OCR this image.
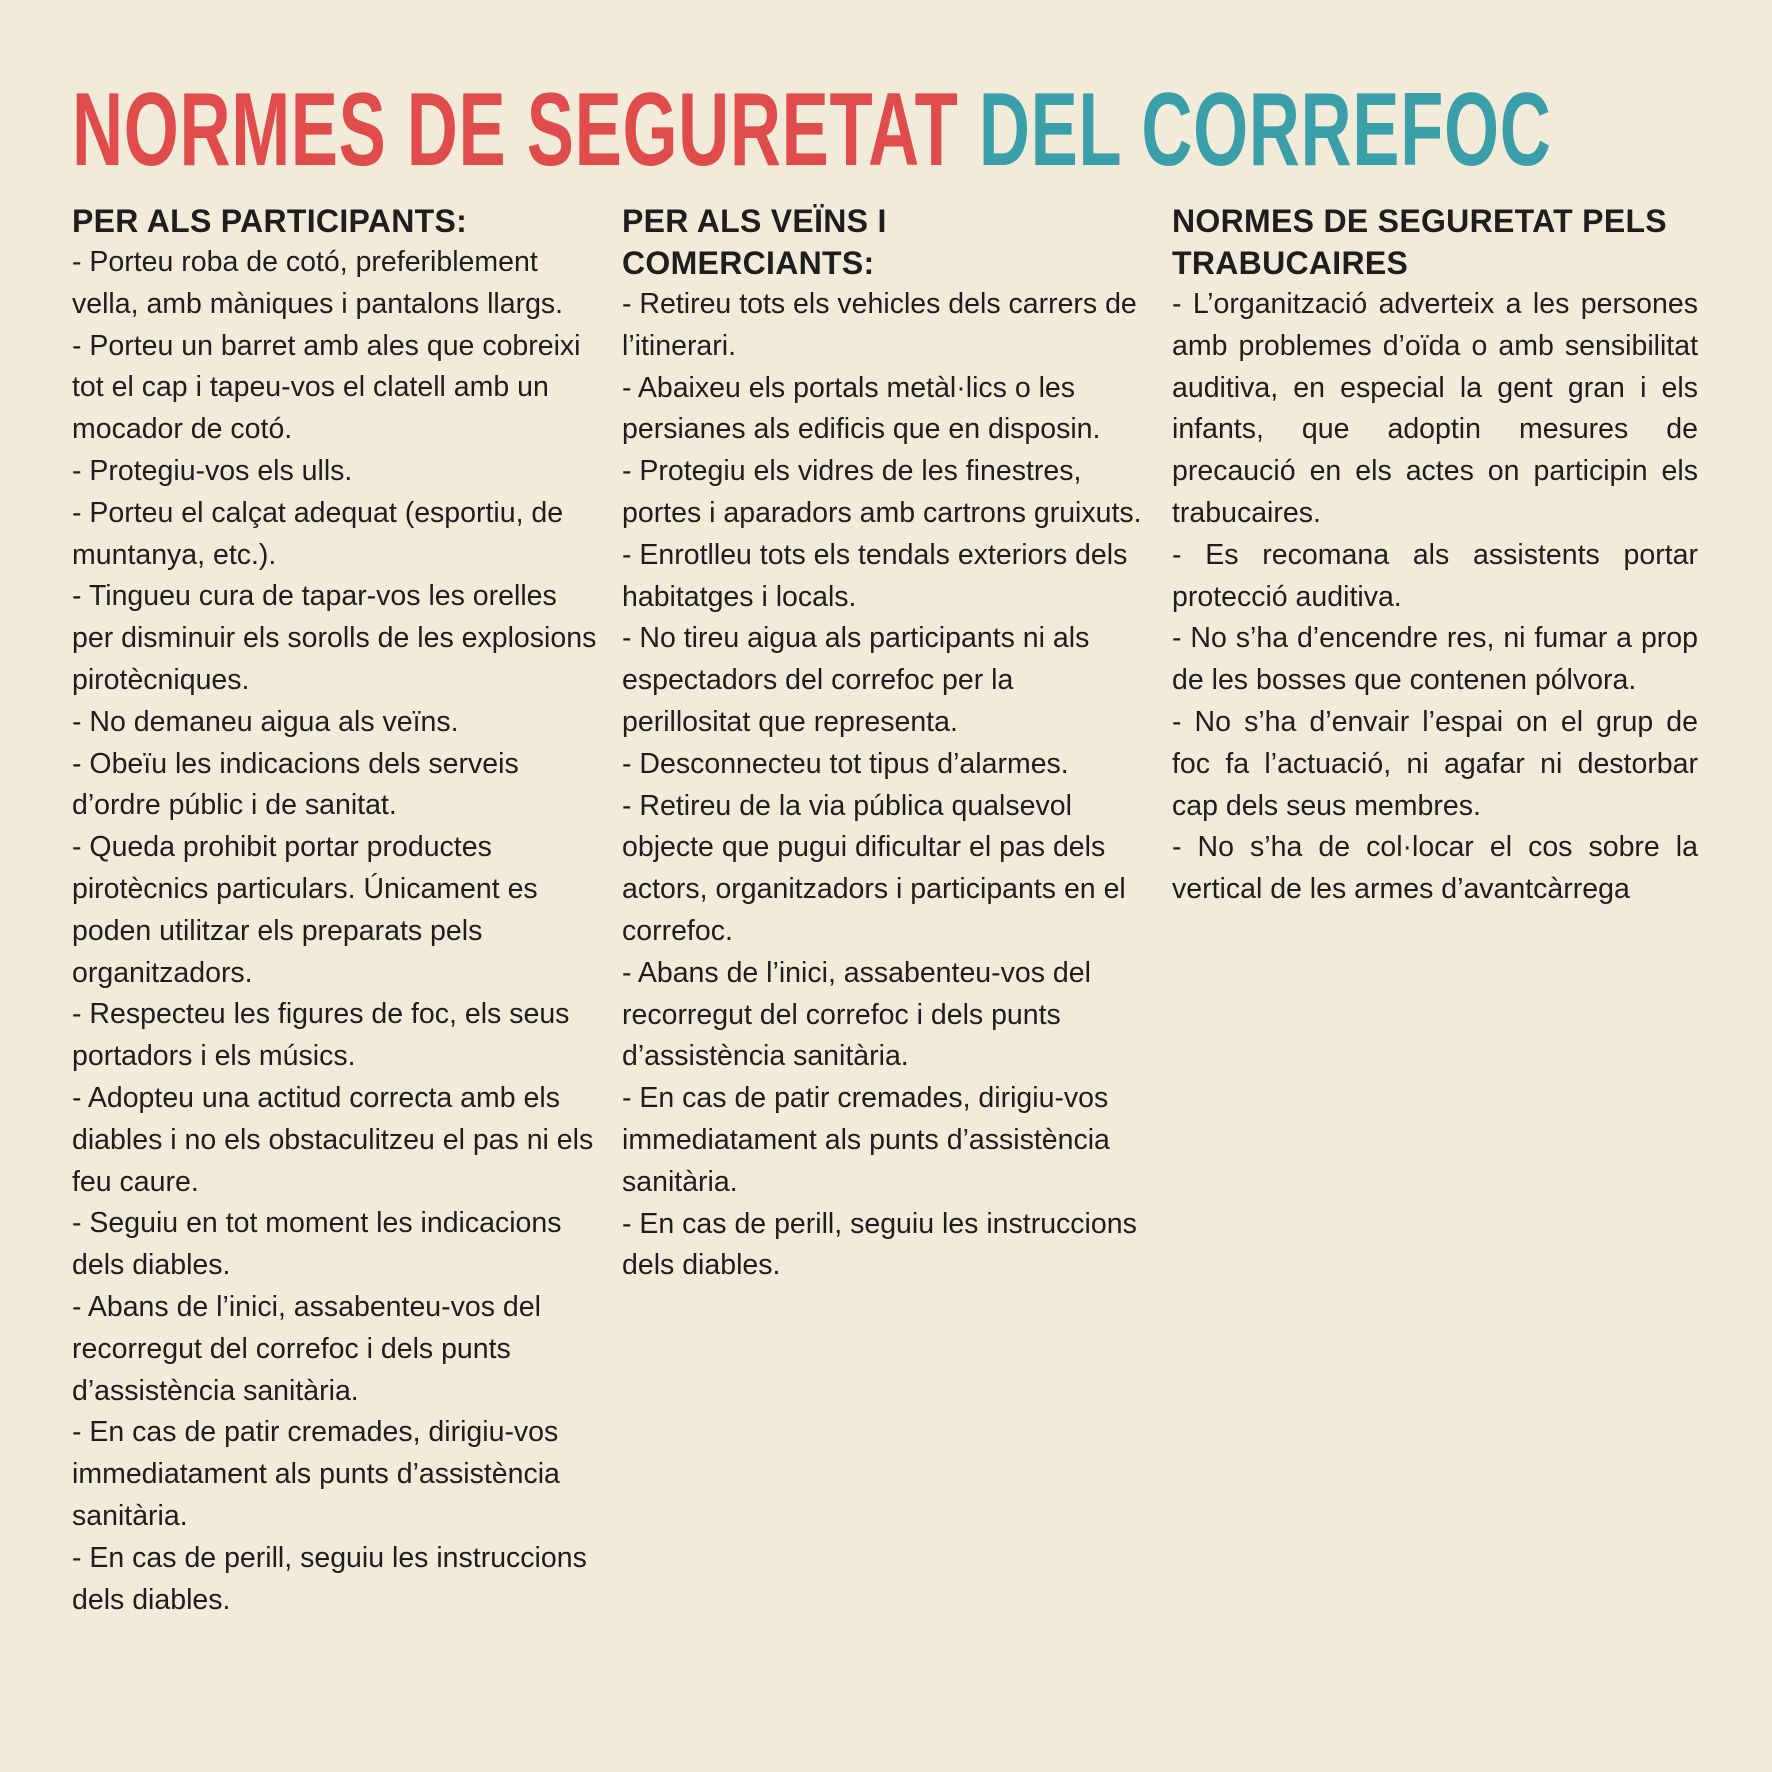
NORMES DE SEGURETAT DEL CORREFOC
PER ALS PARTICIPANTS:

- Porteu roba de cotó, preferiblement vella, amb màniques i pantalons llargs.

- Porteu un barret amb ales que cobreixi tot el cap i tapeu-vos el clatell amb un mocador de cotó.

- Protegiu-vos els ulls.

- Porteu el calçat adequat (esportiu, de muntanya, etc.).

- Tingueu cura de tapar-vos les orelles per disminuir els sorolls de les explosions pirotècniques.

- No demaneu aigua als veïns.

- Obeïu les indicacions dels serveis d’ordre públic i de sanitat.

- Queda prohibit portar productes pirotècnics particulars. Únicament es poden utilitzar els preparats pels organitzadors.

- Respecteu les figures de foc, els seus portadors i els músics.

- Adopteu una actitud correcta amb els diables i no els obstaculitzeu el pas ni els feu caure.

- Seguiu en tot moment les indicacions dels diables.

- Abans de l’inici, assabenteu-vos del recorregut del correfoc i dels punts d’assistència sanitària.

- En cas de patir cremades, dirigiu-vos immediatament als punts d’assistència sanitària.

- En cas de perill, seguiu les instruccions dels diables.

PER ALS VEÏNS I COMERCIANTS:

- Retireu tots els vehicles dels carrers de l’itinerari.

- Abaixeu els portals metàl·lics o les persianes als edificis que en disposin.

- Protegiu els vidres de les finestres, portes i aparadors amb cartrons gruixuts.

- Enrotlleu tots els tendals exteriors dels habitatges i locals.

- No tireu aigua als participants ni als espectadors del correfoc per la perillositat que representa.

- Desconnecteu tot tipus d’alarmes.

- Retireu de la via pública qualsevol objecte que pugui dificultar el pas dels actors, organitzadors i participants en el correfoc.

- Abans de l’inici, assabenteu-vos del recorregut del correfoc i dels punts d’assistència sanitària.

- En cas de patir cremades, dirigiu-vos immediatament als punts d’assistència sanitària.

- En cas de perill, seguiu les instruccions dels diables.

NORMES DE SEGURETAT PELS TRABUCAIRES

- L’organització adverteix a les persones amb problemes d’oïda o amb sensibilitat auditiva, en especial la gent gran i els infants, que adoptin mesures de precaució en els actes on participin els trabucaires.

- Es recomana als assistents portar protecció auditiva.

- No s’ha d’encendre res, ni fumar a prop de les bosses que contenen pólvora.

- No s’ha d’envair l’espai on el grup de foc fa l’actuació, ni agafar ni destorbar cap dels seus membres.

- No s’ha de col·locar el cos sobre la vertical de les armes d’avantcàrrega
